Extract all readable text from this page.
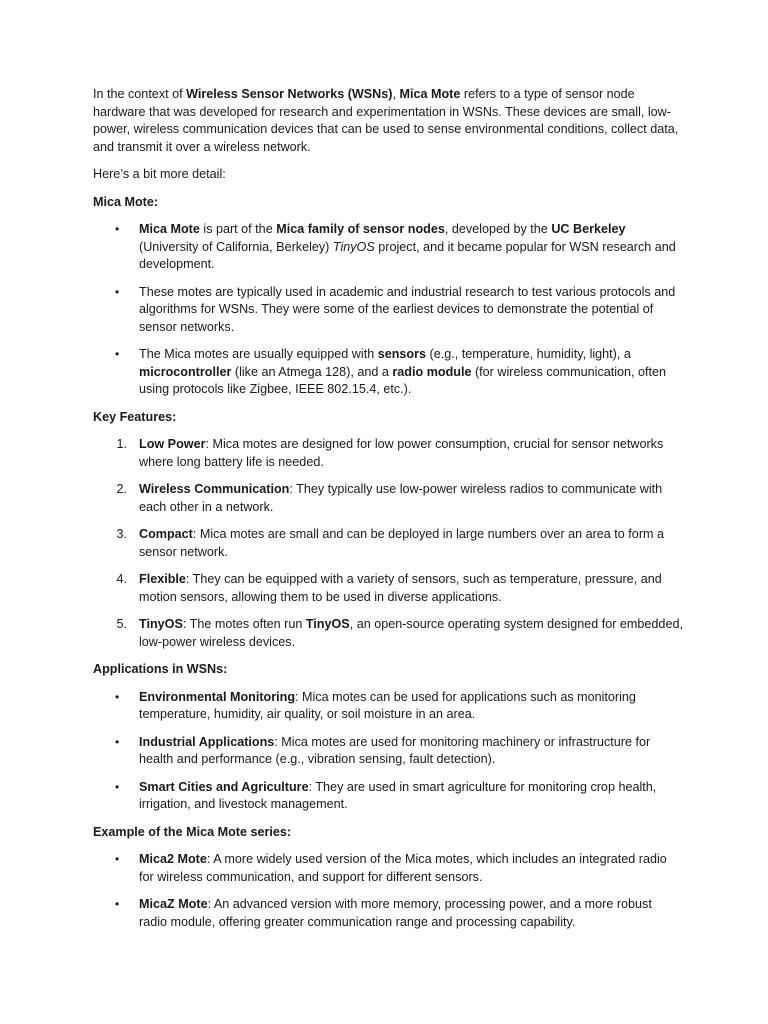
In the context of Wireless Sensor Networks (WSNs), Mica Mote refers to a type of sensor node hardware that was developed for research and experimentation in WSNs. These devices are small, low-power, wireless communication devices that can be used to sense environmental conditions, collect data, and transmit it over a wireless network.

Here’s a bit more detail:

Mica Mote:
• Mica Mote is part of the Mica family of sensor nodes, developed by the UC Berkeley (University of California, Berkeley) TinyOS project, and it became popular for WSN research and development.
• These motes are typically used in academic and industrial research to test various protocols and algorithms for WSNs. They were some of the earliest devices to demonstrate the potential of sensor networks.
• The Mica motes are usually equipped with sensors (e.g., temperature, humidity, light), a microcontroller (like an Atmega 128), and a radio module (for wireless communication, often using protocols like Zigbee, IEEE 802.15.4, etc.).
Key Features:
1. Low Power: Mica motes are designed for low power consumption, crucial for sensor networks where long battery life is needed.
2. Wireless Communication: They typically use low-power wireless radios to communicate with each other in a network.
3. Compact: Mica motes are small and can be deployed in large numbers over an area to form a sensor network.
4. Flexible: They can be equipped with a variety of sensors, such as temperature, pressure, and motion sensors, allowing them to be used in diverse applications.
5. TinyOS: The motes often run TinyOS, an open-source operating system designed for embedded, low-power wireless devices.
Applications in WSNs:
• Environmental Monitoring: Mica motes can be used for applications such as monitoring temperature, humidity, air quality, or soil moisture in an area.
• Industrial Applications: Mica motes are used for monitoring machinery or infrastructure for health and performance (e.g., vibration sensing, fault detection).
• Smart Cities and Agriculture: They are used in smart agriculture for monitoring crop health, irrigation, and livestock management.
Example of the Mica Mote series:
• Mica2 Mote: A more widely used version of the Mica motes, which includes an integrated radio for wireless communication, and support for different sensors.
• MicaZ Mote: An advanced version with more memory, processing power, and a more robust radio module, offering greater communication range and processing capability.
